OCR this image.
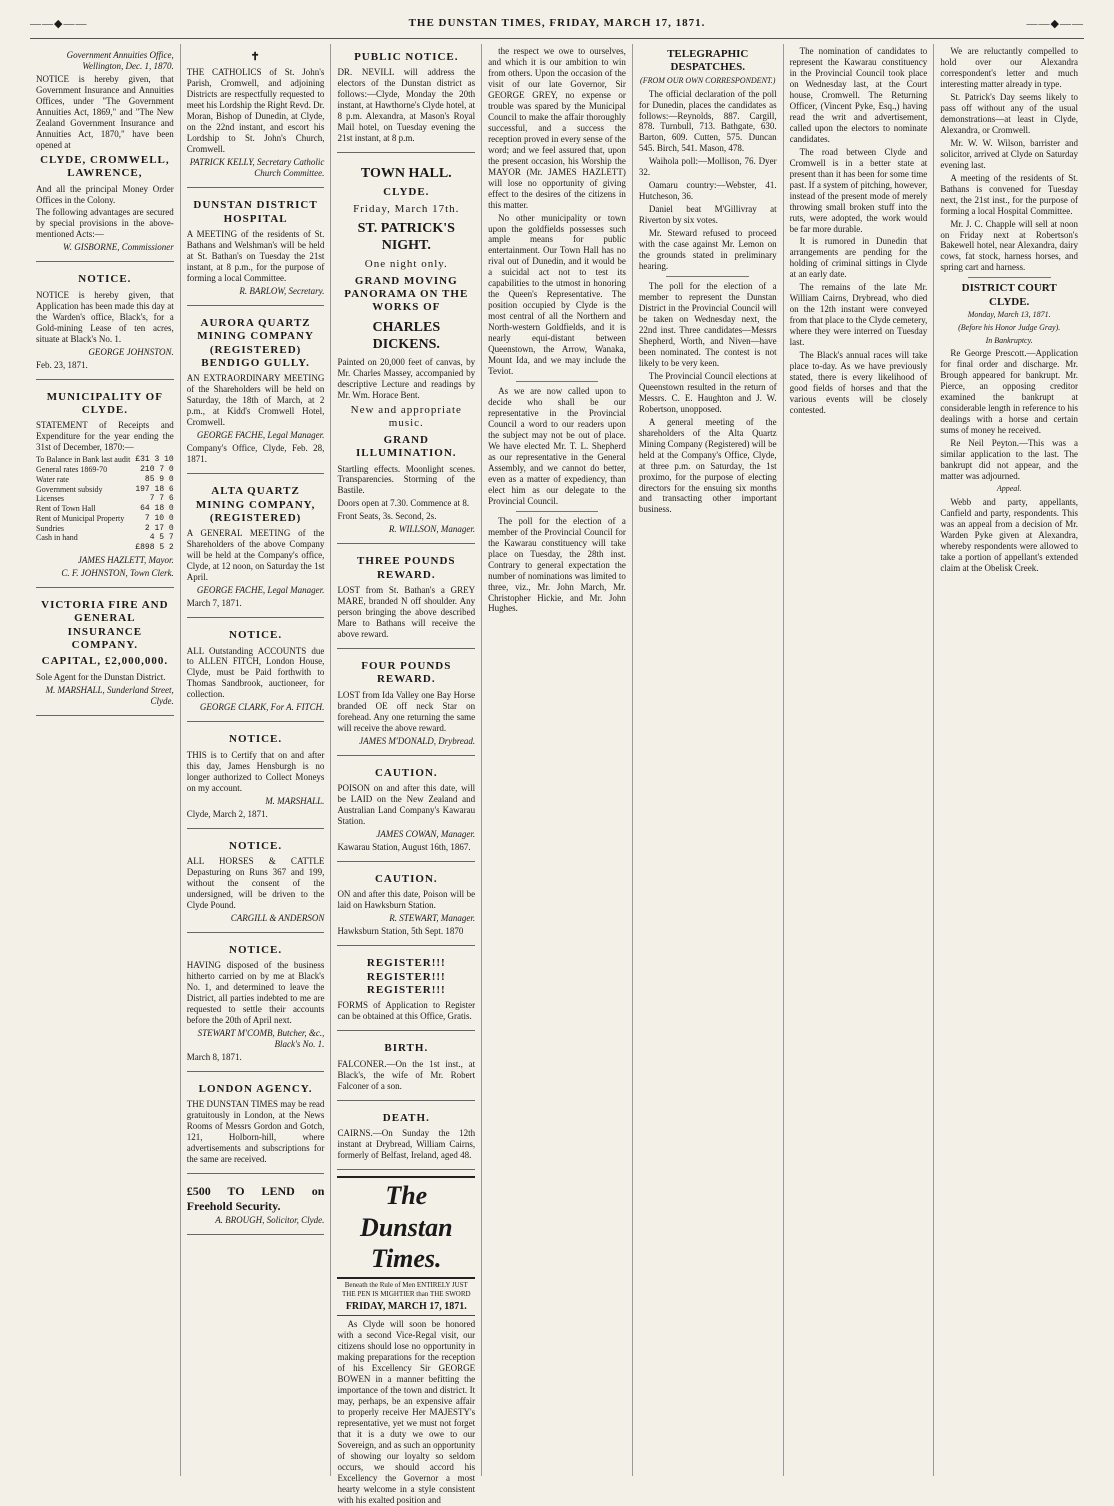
——◆——	THE DUNSTAN TIMES, FRIDAY, MARCH 17, 1871.	——◆——
Government Annuities Office, Wellington, Dec. 1, 1870.
NOTICE is hereby given, that Government Insurance and Annuities Offices, under "The Government Annuities Act, 1869," and "The New Zealand Government Insurance and Annuities Act, 1870," have been opened at
CLYDE, CROMWELL, LAWRENCE,
And all the principal Money Order Offices in the Colony.
The following advantages are secured by special provisions in the above-mentioned Acts:—
W. GISBORNE, Commissioner
NOTICE.
NOTICE is hereby given, that Application has been made this day at the Warden's office, Black's, for a Gold-mining Lease of ten acres, situate at Black's No. 1.
GEORGE JOHNSTON.
Feb. 23, 1871.
MUNICIPALITY OF CLYDE.
STATEMENT of Receipts and Expenditure for the year ending the 31st of December, 1870:—
To Balance in Bank last audit £31 3 10
General rates 1869-70	210 7 0
Water rate	85 9 0
Government subsidy	197 18 6
Licenses	7 7 6
Rent of Town Hall	64 18 0
Rent of Municipal Property	7 10 0
Sundries	2 17 0
Cash in hand	4 5 7
£898 5 2
JAMES HAZLETT, Mayor.
C. F. JOHNSTON, Town Clerk.
VICTORIA FIRE AND GENERAL INSURANCE COMPANY.
CAPITAL, £2,000,000.
Sole Agent for the Dunstan District.
M. MARSHALL, Sunderland Street, Clyde.
✝
THE CATHOLICS of St. John's Parish, Cromwell, and adjoining Districts are respectfully requested to meet his Lordship the Right Revd. Dr. Moran, Bishop of Dunedin, at Clyde, on the 22nd instant, and escort his Lordship to St. John's Church, Cromwell.
PATRICK KELLY, Secretary Catholic Church Committee.
DUNSTAN DISTRICT HOSPITAL
A MEETING of the residents of St. Bathans and Welshman's will be held at St. Bathan's on Tuesday the 21st instant, at 8 p.m., for the purpose of forming a local Committee.
R. BARLOW, Secretary.
AURORA QUARTZ MINING COMPANY (REGISTERED) BENDIGO GULLY.
AN EXTRAORDINARY MEETING of the Shareholders will be held on Saturday, the 18th of March, at 2 p.m., at Kidd's Cromwell Hotel, Cromwell.
GEORGE FACHE, Legal Manager.
Company's Office, Clyde, Feb. 28, 1871.
ALTA QUARTZ MINING COMPANY, (REGISTERED)
A GENERAL MEETING of the Shareholders of the above Company will be held at the Company's office, Clyde, at 12 noon, on Saturday the 1st April.
GEORGE FACHE, Legal Manager.
March 7, 1871.
NOTICE.
ALL Outstanding ACCOUNTS due to ALLEN FITCH, London House, Clyde, must be Paid forthwith to Thomas Sandbrook, auctioneer, for collection.
GEORGE CLARK, For A. FITCH.
NOTICE.
THIS is to Certify that on and after this day, James Hensburgh is no longer authorized to Collect Moneys on my account.
M. MARSHALL.
Clyde, March 2, 1871.
NOTICE.
ALL HORSES & CATTLE Depasturing on Runs 367 and 199, without the consent of the undersigned, will be driven to the Clyde Pound.
CARGILL & ANDERSON
NOTICE.
HAVING disposed of the business hitherto carried on by me at Black's No. 1, and determined to leave the District, all parties indebted to me are requested to settle their accounts before the 20th of April next.
STEWART M'COMB, Butcher, &c., Black's No. 1.
March 8, 1871.
LONDON AGENCY.
THE DUNSTAN TIMES may be read gratuitously in London, at the News Rooms of Messrs Gordon and Gotch, 121, Holborn-hill, where advertisements and subscriptions for the same are received.
£500 TO LEND on Freehold Security.
A. BROUGH, Solicitor, Clyde.
PUBLIC NOTICE.
DR. NEVILL will address the electors of the Dunstan district as follows:—Clyde, Monday the 20th instant, at Hawthorne's Clyde hotel, at 8 p.m. Alexandra, at Mason's Royal Mail hotel, on Tuesday evening the 21st instant, at 8 p.m.
TOWN HALL.
CLYDE.
Friday, March 17th.
ST. PATRICK'S NIGHT.
One night only.
GRAND MOVING PANORAMA ON THE WORKS OF
CHARLES DICKENS.
Painted on 20,000 feet of canvas, by Mr. Charles Massey, accompanied by descriptive Lecture and readings by Mr. Wm. Horace Bent.
New and appropriate music.
GRAND ILLUMINATION.
Startling effects. Moonlight scenes. Transparencies. Storming of the Bastile.
Doors open at 7.30. Commence at 8.
Front Seats, 3s. Second, 2s.
R. WILLSON, Manager.
THREE POUNDS REWARD.
LOST from St. Bathan's a GREY MARE, branded N off shoulder. Any person bringing the above described Mare to Bathans will receive the above reward.
FOUR POUNDS REWARD.
LOST from Ida Valley one Bay Horse branded OE off neck Star on forehead. Any one returning the same will receive the above reward.
JAMES M'DONALD, Drybread.
CAUTION.
POISON on and after this date, will be LAID on the New Zealand and Australian Land Company's Kawarau Station.
JAMES COWAN, Manager.
Kawarau Station, August 16th, 1867.
CAUTION.
ON and after this date, Poison will be laid on Hawksburn Station.
R. STEWART, Manager.
Hawksburn Station, 5th Sept. 1870
REGISTER!!! REGISTER!!! REGISTER!!!
FORMS of Application to Register can be obtained at this Office, Gratis.
BIRTH.
FALCONER.—On the 1st inst., at Black's, the wife of Mr. Robert Falconer of a son.
DEATH.
CAIRNS.—On Sunday the 12th instant at Drybread, William Cairns, formerly of Belfast, Ireland, aged 48.
The Dunstan Times.
Beneath the Rule of Men ENTIRELY JUST THE PEN IS MIGHTIER than THE SWORD
FRIDAY, MARCH 17, 1871.
As Clyde will soon be honored with a second Vice-Regal visit, our citizens should lose no opportunity in making preparations for the reception of his Excellency Sir GEORGE BOWEN in a manner befitting the importance of the town and district. It may, perhaps, be an expensive affair to properly receive Her MAJESTY's representative, yet we must not forget that it is a duty we owe to our Sovereign, and as such an opportunity of showing our loyalty so seldom occurs, we should accord his Excellency the Governor a most hearty welcome in a style consistent with his exalted position and
the respect we owe to ourselves, and which it is our ambition to win from others. Upon the occasion of the visit of our late Governor, Sir GEORGE GREY, no expense or trouble was spared by the Municipal Council to make the affair thoroughly successful, and a success the reception proved in every sense of the word; and we feel assured that, upon the present occasion, his Worship the MAYOR (Mr. JAMES HAZLETT) will lose no opportunity of giving effect to the desires of the citizens in this matter.
No other municipality or town upon the goldfields possesses such ample means for public entertainment. Our Town Hall has no rival out of Dunedin, and it would be a suicidal act not to test its capabilities to the utmost in honoring the Queen's Representative. The position occupied by Clyde is the most central of all the Northern and North-western Goldfields, and it is nearly equi-distant between Queenstown, the Arrow, Wanaka, Mount Ida, and we may include the Teviot.
As we are now called upon to decide who shall be our representative in the Provincial Council a word to our readers upon the subject may not be out of place. We have elected Mr. T. L. Shepherd as our representative in the General Assembly, and we cannot do better, even as a matter of expediency, than elect him as our delegate to the Provincial Council.
The poll for the election of a member of the Provincial Council for the Kawarau constituency will take place on Tuesday, the 28th inst. Contrary to general expectation the number of nominations was limited to three, viz., Mr. John March, Mr. Christopher Hickie, and Mr. John Hughes.
TELEGRAPHIC DESPATCHES.
(FROM OUR OWN CORRESPONDENT.)
The official declaration of the poll for Dunedin, places the candidates as follows:—Reynolds, 887. Cargill, 878. Turnbull, 713. Bathgate, 630. Barton, 609. Cutten, 575. Duncan 545. Birch, 541. Mason, 478.
Waihola poll:—Mollison, 76. Dyer 32.
Oamaru country:—Webster, 41. Hutcheson, 36.
Daniel beat M'Gillivray at Riverton by six votes.
Mr. Steward refused to proceed with the case against Mr. Lemon on the grounds stated in preliminary hearing.
The poll for the election of a member to represent the Dunstan District in the Provincial Council will be taken on Wednesday next, the 22nd inst. Three candidates—Messrs Shepherd, Worth, and Niven—have been nominated. The contest is not likely to be very keen.
The Provincial Council elections at Queenstown resulted in the return of Messrs. C. E. Haughton and J. W. Robertson, unopposed.
A general meeting of the shareholders of the Alta Quartz Mining Company (Registered) will be held at the Company's Office, Clyde, at three p.m. on Saturday, the 1st proximo, for the purpose of electing directors for the ensuing six months and transacting other important business.
The nomination of candidates to represent the Kawarau constituency in the Provincial Council took place on Wednesday last, at the Court house, Cromwell. The Returning Officer, (Vincent Pyke, Esq.,) having read the writ and advertisement, called upon the electors to nominate candidates.
The road between Clyde and Cromwell is in a better state at present than it has been for some time past. If a system of pitching, however, instead of the present mode of merely throwing small broken stuff into the ruts, were adopted, the work would be far more durable.
It is rumored in Dunedin that arrangements are pending for the holding of criminal sittings in Clyde at an early date.
The remains of the late Mr. William Cairns, Drybread, who died on the 12th instant were conveyed from that place to the Clyde cemetery, where they were interred on Tuesday last.
The Black's annual races will take place to-day. As we have previously stated, there is every likelihood of good fields of horses and that the various events will be closely contested.
We are reluctantly compelled to hold over our Alexandra correspondent's letter and much interesting matter already in type.
St. Patrick's Day seems likely to pass off without any of the usual demonstrations—at least in Clyde, Alexandra, or Cromwell.
Mr. W. W. Wilson, barrister and solicitor, arrived at Clyde on Saturday evening last.
A meeting of the residents of St. Bathans is convened for Tuesday next, the 21st inst., for the purpose of forming a local Hospital Committee.
Mr. J. C. Chapple will sell at noon on Friday next at Robertson's Bakewell hotel, near Alexandra, dairy cows, fat stock, harness horses, and spring cart and harness.
DISTRICT COURT CLYDE.
Monday, March 13, 1871.
(Before his Honor Judge Gray).
In Bankruptcy.
Re George Prescott.—Application for final order and discharge. Mr. Brough appeared for bankrupt. Mr. Pierce, an opposing creditor examined the bankrupt at considerable length in reference to his dealings with a horse and certain sums of money he received.
Re Neil Peyton.—This was a similar application to the last. The bankrupt did not appear, and the matter was adjourned.
Appeal.
Webb and party, appellants, Canfield and party, respondents. This was an appeal from a decision of Mr. Warden Pyke given at Alexandra, whereby respondents were allowed to take a portion of appellant's extended claim at the Obelisk Creek.
